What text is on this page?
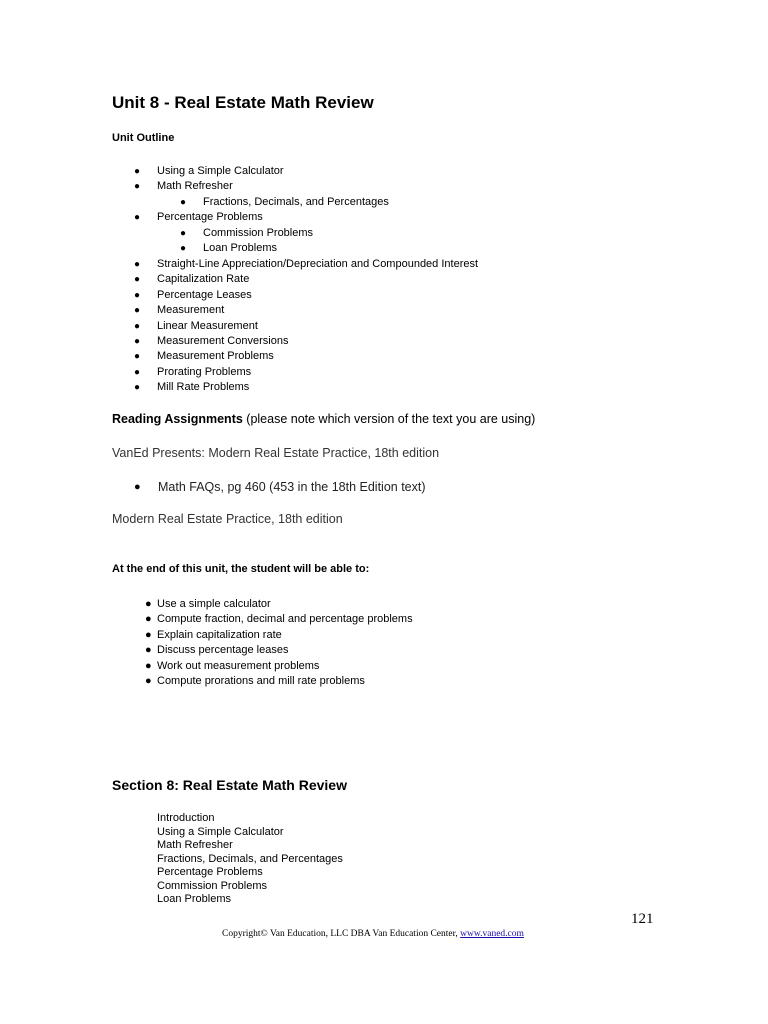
Unit 8 - Real Estate Math Review
Unit Outline
● Using a Simple Calculator
● Math Refresher
● Fractions, Decimals, and Percentages
● Percentage Problems
● Commission Problems
● Loan Problems
● Straight-Line Appreciation/Depreciation and Compounded Interest
● Capitalization Rate
● Percentage Leases
● Measurement
● Linear Measurement
● Measurement Conversions
● Measurement Problems
● Prorating Problems
● Mill Rate Problems
Reading Assignments (please note which version of the text you are using)
VanEd Presents: Modern Real Estate Practice, 18th edition
● Math FAQs, pg 460 (453 in the 18th Edition text)
Modern Real Estate Practice, 18th edition
At the end of this unit, the student will be able to:
● Use a simple calculator
● Compute fraction, decimal and percentage problems
● Explain capitalization rate
● Discuss percentage leases
● Work out measurement problems
● Compute prorations and mill rate problems
Section 8: Real Estate Math Review
Introduction
Using a Simple Calculator
Math Refresher
Fractions, Decimals, and Percentages
Percentage Problems
Commission Problems
Loan Problems
121
Copyright© Van Education, LLC DBA Van Education Center, www.vaned.com
